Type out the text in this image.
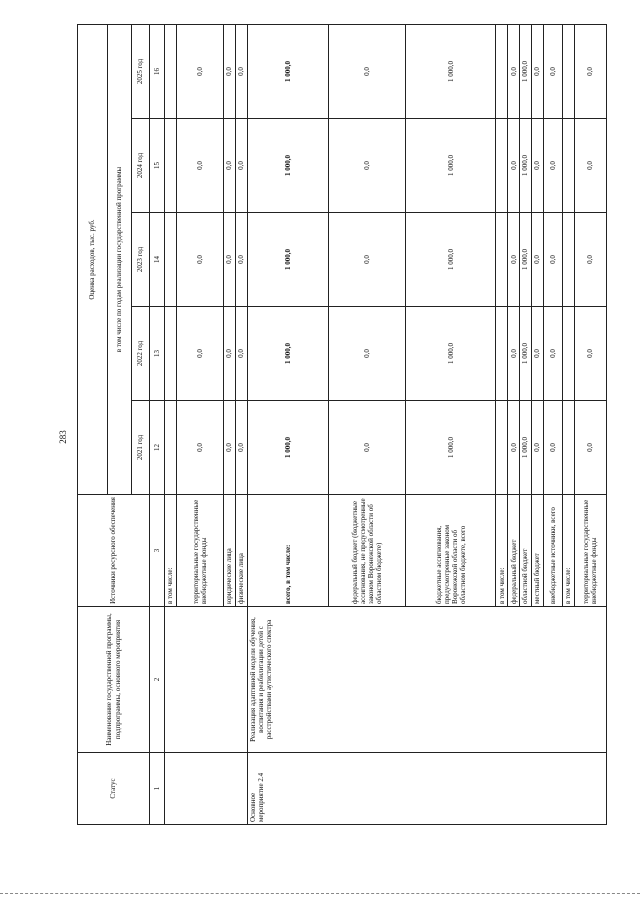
283
Статус	Наименование государственной программы, подпрограммы, основного мероприятия	Источники ресурсного обеспечения	Оценка расходов, тыс. руб.				
			в том числе по годам реализации государственной программы				
			2021 год	2022 год	2023 год	2024 год	2025 год
1	2	3	12	13	14	15	16
		в том числе:					
		территориальные государственные внебюджетные фонды	0,0	0,0	0,0	0,0	0,0
		юридические лица	0,0	0,0	0,0	0,0	0,0
		физические лица	0,0	0,0	0,0	0,0	0,0
Основное мероприятие 2.4	Реализация адаптивной модели обучения, воспитания и реабилитации детей с расстройствами аутистического спектра	всего, в том числе:	1 000,0	1 000,0	1 000,0	1 000,0	1 000,0
		федеральный бюджет (бюджетные ассигнования, не предусмотренные законом Воронежской области об областном бюджете)	0,0	0,0	0,0	0,0	0,0
		бюджетные ассигнования, предусмотренные законом Воронежской области об областном бюджете, всего	1 000,0	1 000,0	1 000,0	1 000,0	1 000,0
		в том числе:					
		федеральный бюджет	0,0	0,0	0,0	0,0	0,0
		областной бюджет	1 000,0	1 000,0	1 000,0	1 000,0	1 000,0
		местный бюджет	0,0	0,0	0,0	0,0	0,0
		внебюджетные источники, всего	0,0	0,0	0,0	0,0	0,0
		в том числе:					
		территориальные государственные внебюджетные фонды	0,0	0,0	0,0	0,0	0,0
